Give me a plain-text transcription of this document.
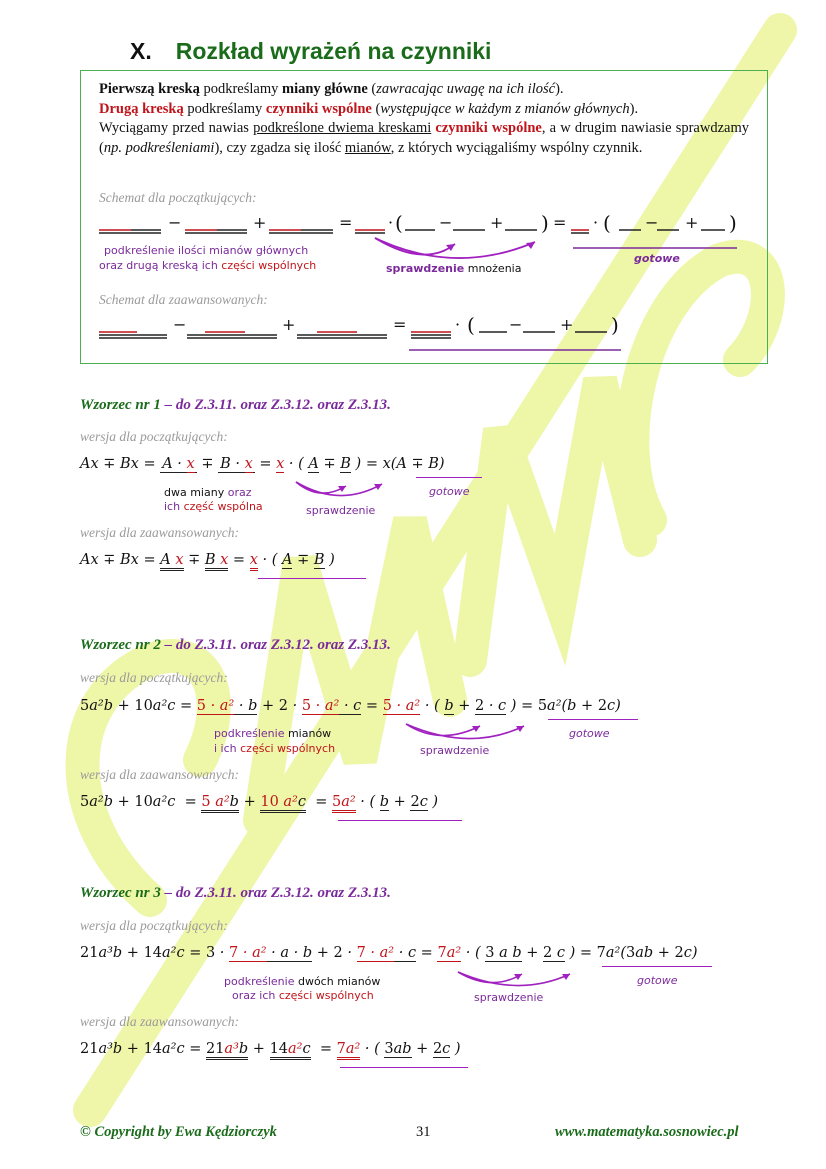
X. Rozkład wyrażeń na czynniki
Pierwszą kreską podkreślamy miany główne (zawracając uwagę na ich ilość).
Drugą kreską podkreślamy czynniki wspólne (występujące w każdym z mianów głównych).
Wyciągamy przed nawias podkreślone dwiema kreskami czynniki wspólne, a w drugim nawiasie sprawdzamy (np. podkreśleniami), czy zgadza się ilość mianów, z których wyciągaliśmy wspólny czynnik.
Schemat dla początkujących:
−	+	= · ( − + ) = · ( − + )
podkreślenie ilości mianów głównych
oraz drugą kreską ich części wspólnych	sprawdzenie mnożenia
gotowe
Schemat dla zaawansowanych:
−	+	=	· ( − + )
Wzorzec nr 1 – do Z.3.11. oraz Z.3.12. oraz Z.3.13.
wersja dla początkujących:
Ax ∓ Bx = A · x ∓ B · x = x · ( A ∓ B ) = x(A ∓ B)
dwa miany oraz
ich część wspólna	sprawdzenie
gotowe
wersja dla zaawansowanych:
Ax ∓ Bx = A x ∓ B x = x · ( A ∓ B )
Wzorzec nr 2 – do Z.3.11. oraz Z.3.12. oraz Z.3.13.
wersja dla początkujących:
5a²b + 10a²c = 5 · a² · b + 2 · 5 · a² · c = 5 · a² · ( b + 2 · c ) = 5a²(b + 2c)
podkreślenie mianów
i ich części wspólnych	sprawdzenie
gotowe
wersja dla zaawansowanych:
5a²b + 10a²c  = 5 a²b + 10 a²c  = 5a² · ( b + 2c )
Wzorzec nr 3 – do Z.3.11. oraz Z.3.12. oraz Z.3.13.
wersja dla początkujących:
21a³b + 14a²c = 3 · 7 · a² · a · b + 2 · 7 · a² · c = 7a² · ( 3 a b + 2 c ) = 7a²(3ab + 2c)
podkreślenie dwóch mianów
oraz ich części wspólnych	sprawdzenie
gotowe
wersja dla zaawansowanych:
21a³b + 14a²c = 21a³b + 14a²c  = 7a² · ( 3ab + 2c )
© Copyright by Ewa Kędziorczyk	31	www.matematyka.sosnowiec.pl
